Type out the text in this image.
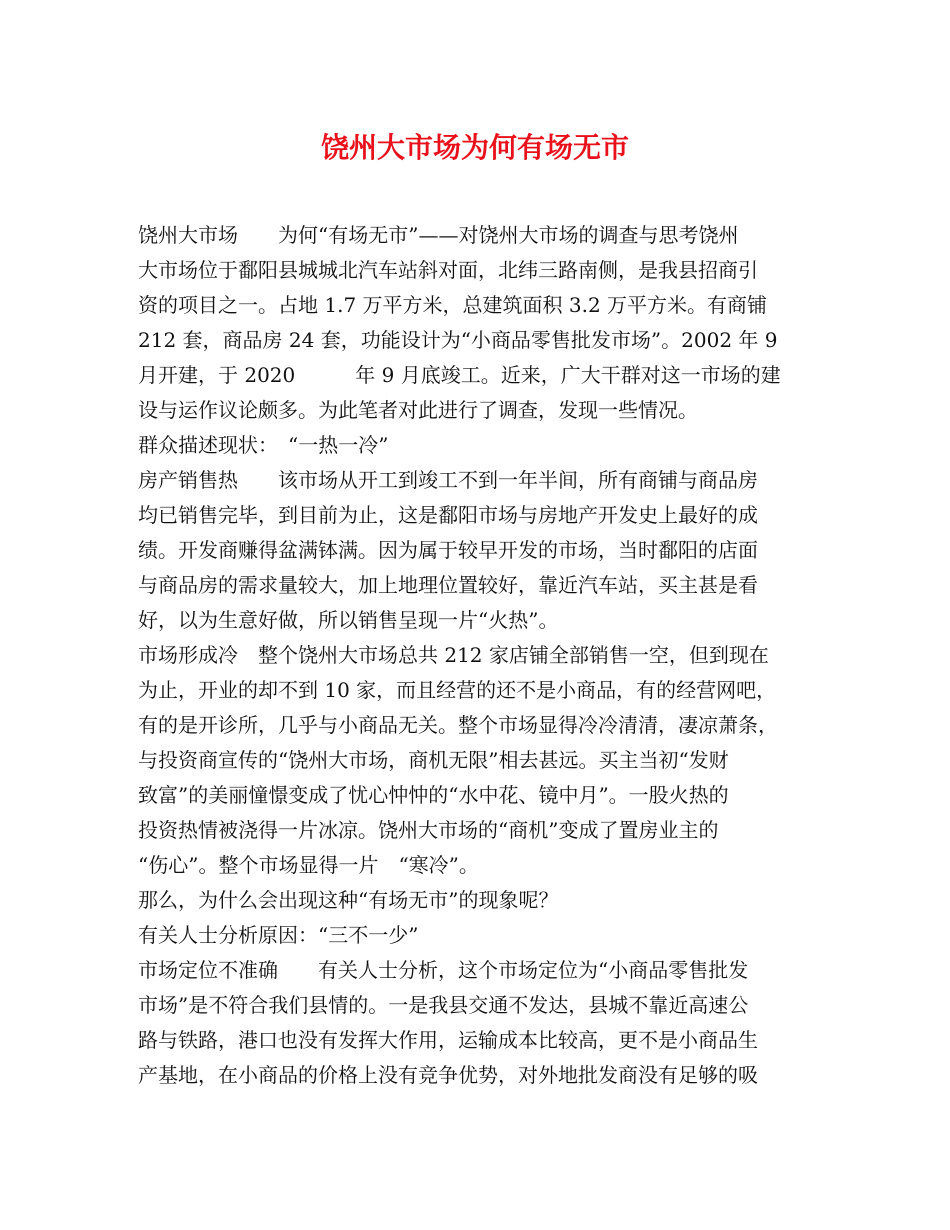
饶州大市场为何有场无市
饶州大市场　　为何“有场无市”——对饶州大市场的调查与思考饶州
大市场位于鄱阳县城城北汽车站斜对面，北纬三路南侧，是我县招商引
资的项目之一。占地 1.7 万平方米，总建筑面积 3.2 万平方米。有商铺
212 套，商品房 24 套，功能设计为“小商品零售批发市场”。2002 年 9
月开建，于 2020　　　年 9 月底竣工。近来，广大干群对这一市场的建
设与运作议论颇多。为此笔者对此进行了调查，发现一些情况。
群众描述现状：　“一热一冷”
房产销售热　　该市场从开工到竣工不到一年半间，所有商铺与商品房
均已销售完毕，到目前为止，这是鄱阳市场与房地产开发史上最好的成
绩。开发商赚得盆满钵满。因为属于较早开发的市场，当时鄱阳的店面
与商品房的需求量较大，加上地理位置较好，靠近汽车站，买主甚是看
好，以为生意好做，所以销售呈现一片“火热”。
市场形成冷　整个饶州大市场总共 212 家店铺全部销售一空，但到现在
为止，开业的却不到 10 家，而且经营的还不是小商品，有的经营网吧，
有的是开诊所，几乎与小商品无关。整个市场显得冷冷清清，凄凉萧条，
与投资商宣传的“饶州大市场，商机无限”相去甚远。买主当初“发财
致富”的美丽憧憬变成了忧心忡忡的“水中花、镜中月”。一股火热的
投资热情被浇得一片冰凉。饶州大市场的“商机”变成了置房业主的
“伤心”。整个市场显得一片　“寒冷”。
那么，为什么会出现这种“有场无市”的现象呢？
有关人士分析原因：“三不一少”
市场定位不准确　　有关人士分析，这个市场定位为“小商品零售批发
市场”是不符合我们县情的。一是我县交通不发达，县城不靠近高速公
路与铁路，港口也没有发挥大作用，运输成本比较高，更不是小商品生
产基地，在小商品的价格上没有竞争优势，对外地批发商没有足够的吸
